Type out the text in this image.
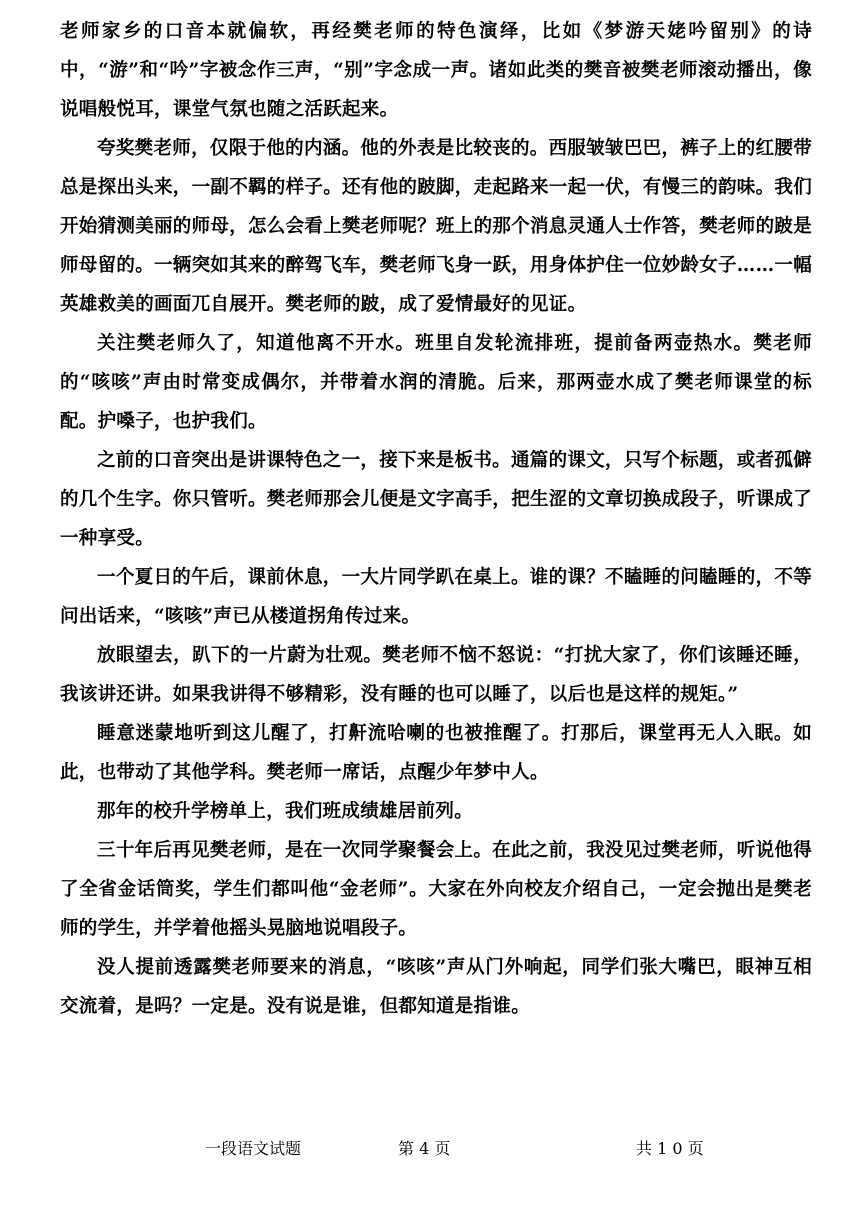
老师家乡的口音本就偏软，再经樊老师的特色演绎，比如《梦游天姥吟留别》的诗中，“游”和“吟”字被念作三声，“别”字念成一声。诸如此类的樊音被樊老师滚动播出，像说唱般悦耳，课堂气氛也随之活跃起来。

夸奖樊老师，仅限于他的内涵。他的外表是比较丧的。西服皱皱巴巴，裤子上的红腰带总是探出头来，一副不羁的样子。还有他的跛脚，走起路来一起一伏，有慢三的韵味。我们开始猜测美丽的师母，怎么会看上樊老师呢？班上的那个消息灵通人士作答，樊老师的跛是师母留的。一辆突如其来的醉驾飞车，樊老师飞身一跃，用身体护住一位妙龄女子……一幅英雄救美的画面兀自展开。樊老师的跛，成了爱情最好的见证。

关注樊老师久了，知道他离不开水。班里自发轮流排班，提前备两壶热水。樊老师的“咳咳”声由时常变成偶尔，并带着水润的清脆。后来，那两壶水成了樊老师课堂的标配。护嗓子，也护我们。

之前的口音突出是讲课特色之一，接下来是板书。通篇的课文，只写个标题，或者孤僻的几个生字。你只管听。樊老师那会儿便是文字高手，把生涩的文章切换成段子，听课成了一种享受。

一个夏日的午后，课前休息，一大片同学趴在桌上。谁的课？不瞌睡的问瞌睡的，不等问出话来，“咳咳”声已从楼道拐角传过来。

放眼望去，趴下的一片蔚为壮观。樊老师不恼不怒说：“打扰大家了，你们该睡还睡，我该讲还讲。如果我讲得不够精彩，没有睡的也可以睡了，以后也是这样的规矩。”

睡意迷蒙地听到这儿醒了，打鼾流哈喇的也被推醒了。打那后，课堂再无人入眠。如此，也带动了其他学科。樊老师一席话，点醒少年梦中人。

那年的校升学榜单上，我们班成绩雄居前列。

三十年后再见樊老师，是在一次同学聚餐会上。在此之前，我没见过樊老师，听说他得了全省金话筒奖，学生们都叫他“金老师”。大家在外向校友介绍自己，一定会抛出是樊老师的学生，并学着他摇头晃脑地说唱段子。

没人提前透露樊老师要来的消息，“咳咳”声从门外响起，同学们张大嘴巴，眼神互相交流着，是吗？一定是。没有说是谁，但都知道是指谁。

一段语文试题	第 4 页	共 1 0 页
